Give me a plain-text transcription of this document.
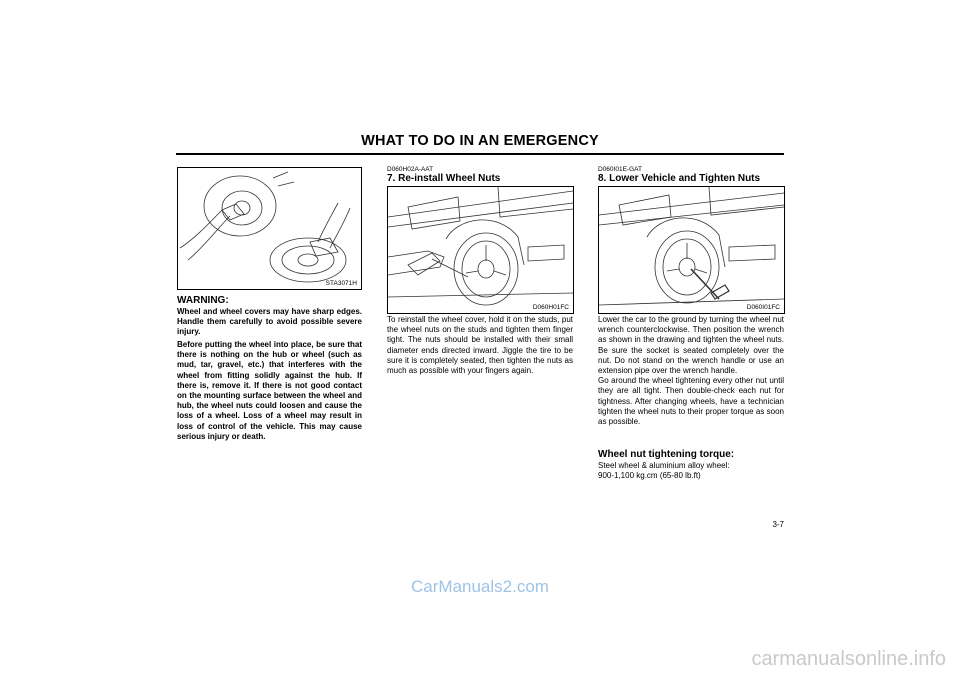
WHAT TO DO IN AN EMERGENCY
STA3071H
WARNING:
Wheel and wheel covers may have sharp edges. Handle them carefully to avoid possible severe injury.
Before putting the wheel into place, be sure that there is nothing on the hub or wheel (such as mud, tar, gravel, etc.) that interferes with the wheel from fitting solidly against the hub. If there is, remove it. If there is not good contact on the mounting surface between the wheel and hub, the wheel nuts could loosen and cause the loss of a wheel. Loss of a wheel may result in loss of control of the vehicle. This may cause serious injury or death.
D060H02A-AAT
7. Re-install Wheel Nuts
D060H01FC
To reinstall the wheel cover, hold it on the studs, put the wheel nuts on the studs and tighten them finger tight. The nuts should be installed with their small diameter ends directed inward. Jiggle the tire to be sure it is completely seated, then tighten the nuts as much as possible with your fingers again.
D060I01E-GAT
8. Lower Vehicle and Tighten Nuts
D060I01FC

Lower the car to the ground by turning the wheel nut wrench counterclockwise. Then position the wrench as shown in the drawing and tighten the wheel nuts. Be sure the socket is seated completely over the nut. Do not stand on the wrench handle or use an extension pipe over the wrench handle.

Go around the wheel tightening every other nut until they are all tight. Then double-check each nut for tightness. After changing wheels, have a technician tighten the wheel nuts to their proper torque as soon as possible.

Wheel nut tightening torque:
Steel wheel & aluminium alloy wheel:
900-1,100 kg.cm (65-80 lb.ft)
3-7
CarManuals2.com
carmanualsonline.info
